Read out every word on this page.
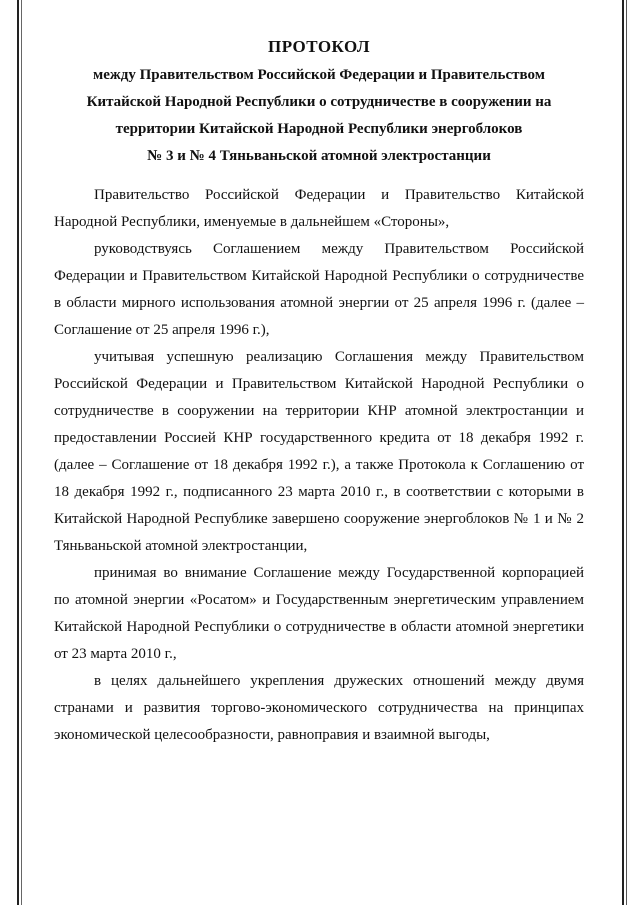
ПРОТОКОЛ
между Правительством Российской Федерации и Правительством
Китайской Народной Республики о сотрудничестве в сооружении на
территории Китайской Народной Республики энергоблоков
№ 3 и № 4 Тяньваньской атомной электростанции

Правительство Российской Федерации и Правительство Китайской Народной Республики, именуемые в дальнейшем «Стороны»,

руководствуясь Соглашением между Правительством Российской Федерации и Правительством Китайской Народной Республики о сотрудничестве в области мирного использования атомной энергии от 25 апреля 1996 г. (далее – Соглашение от 25 апреля 1996 г.),

учитывая успешную реализацию Соглашения между Правительством Российской Федерации и Правительством Китайской Народной Республики о сотрудничестве в сооружении на территории КНР атомной электростанции и предоставлении Россией КНР государственного кредита от 18 декабря 1992 г. (далее – Соглашение от 18 декабря 1992 г.), а также Протокола к Соглашению от 18 декабря 1992 г., подписанного 23 марта 2010 г., в соответствии с которыми в Китайской Народной Республике завершено сооружение энергоблоков № 1 и № 2 Тяньваньской атомной электростанции,

принимая во внимание Соглашение между Государственной корпорацией по атомной энергии «Росатом» и Государственным энергетическим управлением Китайской Народной Республики о сотрудничестве в области атомной энергетики от 23 марта 2010 г.,

в целях дальнейшего укрепления дружеских отношений между двумя странами и развития торгово-экономического сотрудничества на принципах экономической целесообразности, равноправия и взаимной выгоды,
